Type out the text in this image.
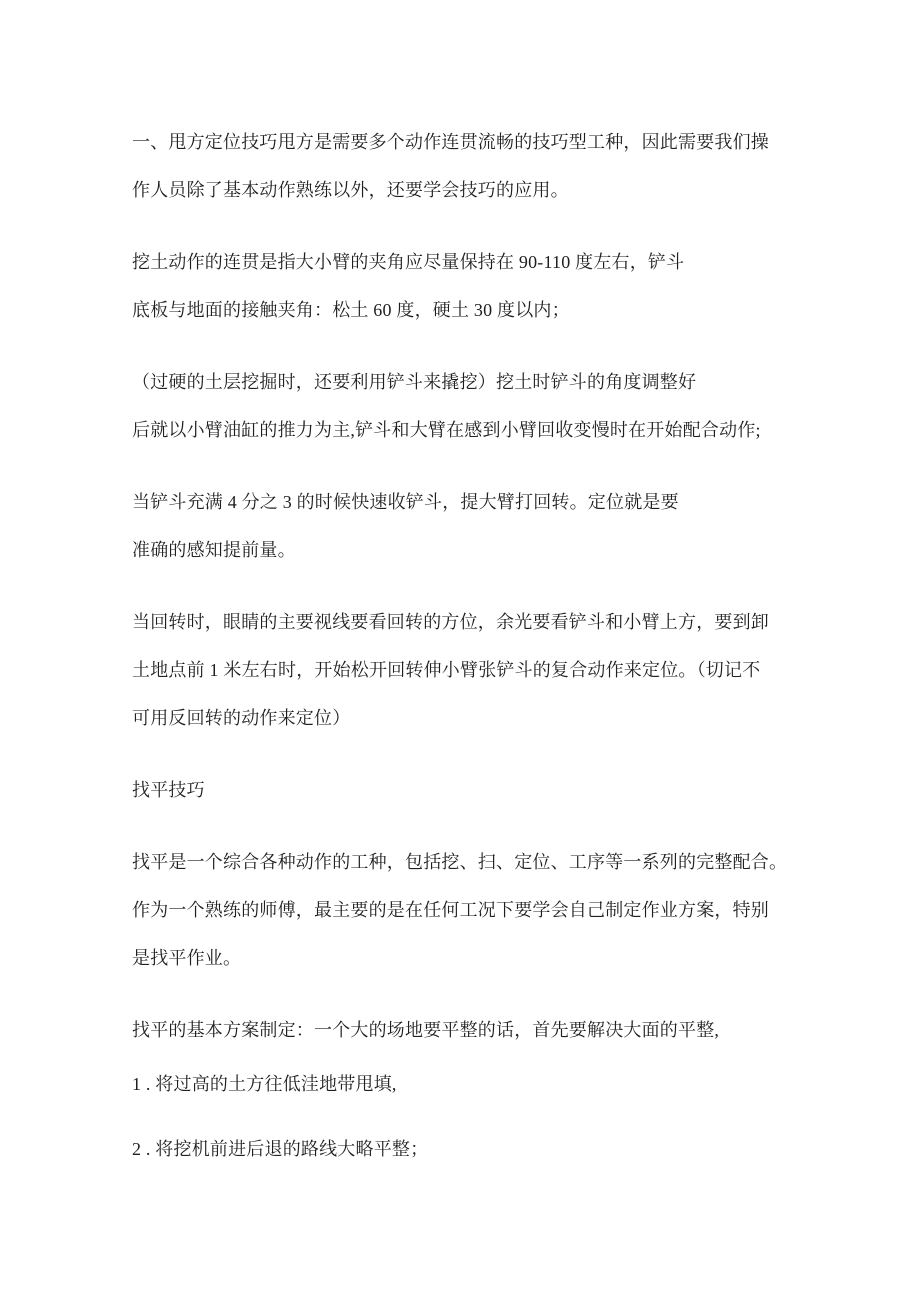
一、甩方定位技巧甩方是需要多个动作连贯流畅的技巧型工种，因此需要我们操
作人员除了基本动作熟练以外，还要学会技巧的应用。
挖土动作的连贯是指大小臂的夹角应尽量保持在 90-110 度左右，铲斗
底板与地面的接触夹角：松土 60 度，硬土 30 度以内；
（过硬的土层挖掘时，还要利用铲斗来撬挖）挖土时铲斗的角度调整好
后就以小臂油缸的推力为主,铲斗和大臂在感到小臂回收变慢时在开始配合动作;
当铲斗充满 4 分之 3 的时候快速收铲斗，提大臂打回转。定位就是要
准确的感知提前量。
当回转时，眼睛的主要视线要看回转的方位，余光要看铲斗和小臂上方，要到卸
土地点前 1 米左右时，开始松开回转伸小臂张铲斗的复合动作来定位。（切记不
可用反回转的动作来定位）
找平技巧
找平是一个综合各种动作的工种，包括挖、扫、定位、工序等一系列的完整配合。
作为一个熟练的师傅，最主要的是在任何工况下要学会自己制定作业方案，特别
是找平作业。
找平的基本方案制定：一个大的场地要平整的话，首先要解决大面的平整,
1 . 将过高的土方往低洼地带甩填,
2 . 将挖机前进后退的路线大略平整；
